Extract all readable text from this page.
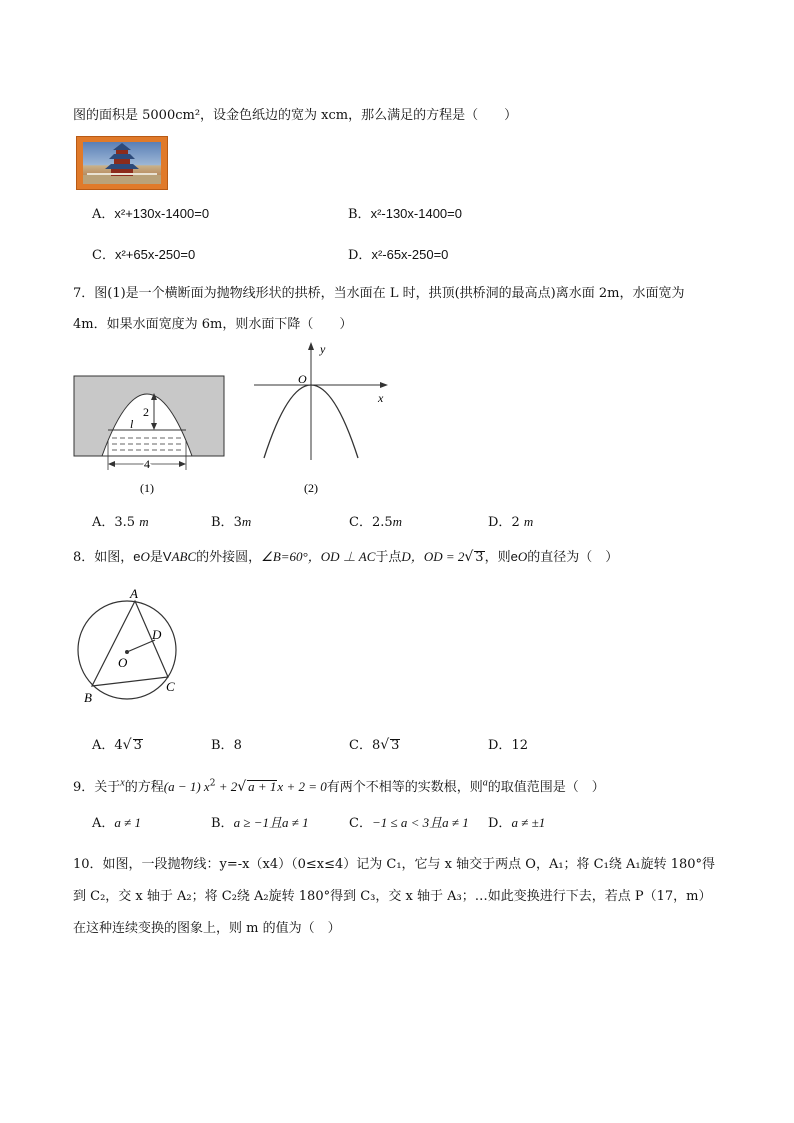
图的面积是 5000cm²，设金色纸边的宽为 xcm，那么满足的方程是（　　）
A．x²+130x-1400=0	B．x²-130x-1400=0
C．x²+65x-250=0	D．x²-65x-250=0
7．图(1)是一个横断面为抛物线形状的拱桥，当水面在 L 时，拱顶(拱桥洞的最高点)离水面 2m，水面宽为
4m．如果水面宽度为 6m，则水面下降（　　）
2
l
4
(1)
y
x
O
(2)
A．3.5 m	B．3m	C．2.5m	D．2 m
8．如图，eO是VABC的外接圆，∠B=60°，OD ⊥ AC于点D，OD = 2√ 3，则eO的直径为（　）
A
D
O
B
C
A．4√ 3	B．8	C．8√ 3	D．12
9．关于$^x$的方程(a − 1) $x^2 + 2√$ a + 1x + 2 = 0有两个不相等的实数根，则$^a$的取值范围是（　）
A．a ≠ 1	B．a ≥ −1且a ≠ 1	C．−1 ≤ a < 3且a ≠ 1 D．a ≠ ±1
10．如图，一段抛物线：y=-x（x4）（0≤x≤4）记为 C₁，它与 x 轴交于两点 O，A₁；将 C₁绕 A₁旋转 180°得
到 C₂，交 x 轴于 A₂；将 C₂绕 A₂旋转 180°得到 C₃，交 x 轴于 A₃；…如此变换进行下去，若点 P（17，m）
在这种连续变换的图象上，则 m 的值为（　）
